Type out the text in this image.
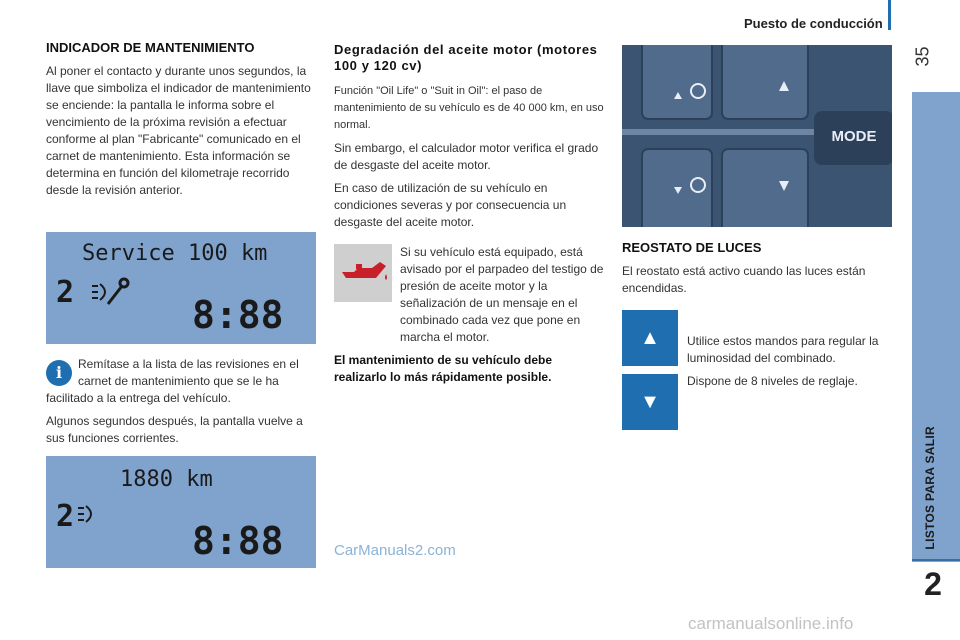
Puesto de conducción
35
LISTOS PARA SALIR
2
INDICADOR DE MANTENIMIENTO

Al poner el contacto y durante unos segundos, la llave que simboliza el indicador de mantenimiento se enciende: la pantalla le informa sobre el vencimiento de la próxima revisión a efectuar conforme al plan "Fabricante" comunicado en el carnet de mantenimiento. Esta información se determina en función del kilometraje recorrido desde la revisión anterior.

Service 100 km
2
8:88
i	Remítase a la lista de las revisiones en el carnet de mantenimiento que se le ha facilitado a la entrega del vehículo.

Algunos segundos después, la pantalla vuelve a sus funciones corrientes.

1880 km
2
8:88
Degradación del aceite motor (motores 100 y 120 cv)

Función "Oil Life" o "Suit in Oil": el paso de mantenimiento de su vehículo es de 40 000 km, en uso normal.

Sin embargo, el calculador motor verifica el grado de desgaste del aceite motor.

En caso de utilización de su vehículo en condiciones severas y por consecuencia un desgaste del aceite motor.

Si su vehículo está equipado, está avisado por el parpadeo del testigo de presión de aceite motor y la señalización de un mensaje en el combinado cada vez que pone en marcha el motor.

El mantenimiento de su vehículo debe realizarlo lo más rápidamente posible.

MODE
REOSTATO DE LUCES

El reostato está activo cuando las luces están encendidas.

▲
▼

Utilice estos mandos para regular la luminosidad del combinado.

Dispone de 8 niveles de reglaje.

CarManuals2.com
carmanualsonline.info
